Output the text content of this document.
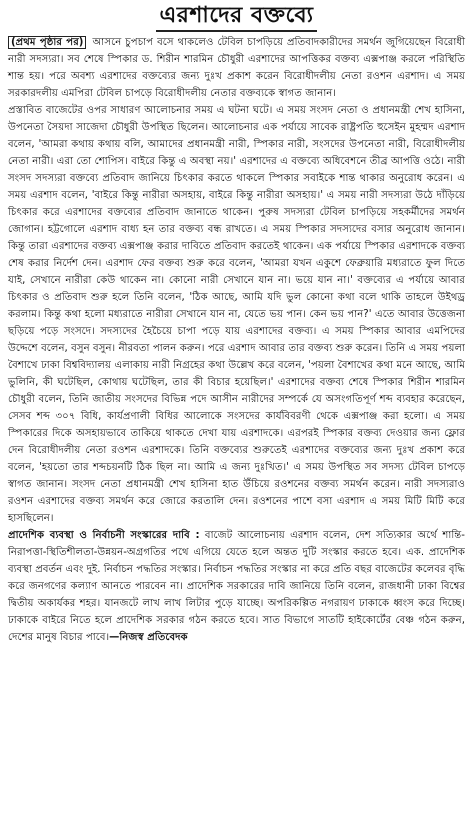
এরশাদের বক্তব্যে

(প্রথম পৃষ্ঠার পর) আসনে চুপচাপ বসে থাকলেও টেবিল চাপড়িয়ে প্রতিবাদকারীদের সমর্থন জুগিয়েছেন বিরোধী নারী সদস্যরা। সব শেষে স্পিকার ড. শিরীন শারমিন চৌধুরী এরশাদের আপত্তিকর বক্তব্য এক্সপাঞ্জ করলে পরিস্থিতি শান্ত হয়। পরে অবশ্য এরশাদের বক্তব্যের জন্য দুঃখ প্রকাশ করেন বিরোধীদলীয় নেতা রওশন এরশাদ। এ সময় সরকারদলীয় এমপিরা টেবিল চাপড়ে বিরোধীদলীয় নেতার বক্তব্যকে স্বাগত জানান।

প্রস্তাবিত বাজেটের ওপর সাধারণ আলোচনার সময় এ ঘটনা ঘটে। এ সময় সংসদ নেতা ও প্রধানমন্ত্রী শেখ হাসিনা, উপনেতা সৈয়দা সাজেদা চৌধুরী উপস্থিত ছিলেন। আলোচনার এক পর্যায়ে সাবেক রাষ্ট্রপতি হুসেইন মুহম্মদ এরশাদ বলেন, 'আমরা কথায় কথায় বলি, আমাদের প্রধানমন্ত্রী নারী, স্পিকার নারী, সংসদের উপনেতা নারী, বিরোধীদলীয় নেতা নারী। এরা তো শোপিস। বাইরে কিন্তু এ অবস্থা নয়।' এরশাদের এ বক্তব্যে অধিবেশনে তীব্র আপত্তি ওঠে। নারী সংসদ সদস্যরা বক্তব্যে প্রতিবাদ জানিয়ে চিৎকার করতে থাকলে স্পিকার সবাইকে শান্ত থাকার অনুরোধ করেন। এ সময় এরশাদ বলেন, 'বাইরে কিন্তু নারীরা অসহায়, বাইরে কিন্তু নারীরা অসহায়।' এ সময় নারী সদস্যরা উঠে দাঁড়িয়ে চিৎকার করে এরশাদের বক্তব্যের প্রতিবাদ জানাতে থাকেন। পুরুষ সদস্যরা টেবিল চাপড়িয়ে সহকর্মীদের সমর্থন জোগান। হট্টগোলে এরশাদ বাধ্য হন তার বক্তব্য বন্ধ রাখতে। এ সময় স্পিকার সদস্যদের বসার অনুরোধ জানান। কিন্তু তারা এরশাদের বক্তব্য এক্সপাঞ্জ করার দাবিতে প্রতিবাদ করতেই থাকেন। এক পর্যায়ে স্পিকার এরশাদকে বক্তব্য শেষ করার নির্দেশ দেন। এরশাদ ফের বক্তব্য শুরু করে বলেন, 'আমরা যখন একুশে ফেব্রুয়ারি মধ্যরাতে ফুল দিতে যাই, সেখানে নারীরা কেউ থাকেন না। কোনো নারী সেখানে যান না। ভয়ে যান না।' বক্তব্যের এ পর্যায়ে আবার চিৎকার ও প্রতিবাদ শুরু হলে তিনি বলেন, 'ঠিক আছে, আমি যদি ভুল কোনো কথা বলে থাকি তাহলে উইথড্র করলাম। কিন্তু কথা হলো মধ্যরাতে নারীরা সেখানে যান না, যেতে ভয় পান। কেন ভয় পান?' এতে আবার উত্তেজনা ছড়িয়ে পড়ে সংসদে। সদস্যদের হৈচৈয়ে চাপা পড়ে যায় এরশাদের বক্তব্য। এ সময় স্পিকার আবার এমপিদের উদ্দেশে বলেন, বসুন বসুন। নীরবতা পালন করুন। পরে এরশাদ আবার তার বক্তব্য শুরু করেন। তিনি এ সময় পয়লা বৈশাখে ঢাকা বিশ্ববিদ্যালয় এলাকায় নারী নিগ্রহের কথা উল্লেখ করে বলেন, 'পয়লা বৈশাখের কথা মনে আছে, আমি ভুলিনি, কী ঘটেছিল, কোথায় ঘটেছিল, তার কী বিচার হয়েছিল।' এরশাদের বক্তব্য শেষে স্পিকার শিরীন শারমিন চৌধুরী বলেন, তিনি জাতীয় সংসদের বিভিন্ন পদে আসীন নারীদের সম্পর্কে যে অসংগতিপূর্ণ শব্দ ব্যবহার করেছেন, সেসব শব্দ ৩০৭ বিধি, কার্যপ্রণালী বিধির আলোকে সংসদের কার্যবিবরণী থেকে এক্সপাঞ্জ করা হলো। এ সময় স্পিকারের দিকে অসহায়ভাবে তাকিয়ে থাকতে দেখা যায় এরশাদকে। এরপরই স্পিকার বক্তব্য দেওয়ার জন্য ফ্লোর দেন বিরোধীদলীয় নেতা রওশন এরশাদকে। তিনি বক্তব্যের শুরুতেই এরশাদের বক্তব্যের জন্য দুঃখ প্রকাশ করে বলেন, 'হয়তো তার শব্দচয়নটি ঠিক ছিল না। আমি এ জন্য দুঃখিত।' এ সময় উপস্থিত সব সদস্য টেবিল চাপড়ে স্বাগত জানান। সংসদ নেতা প্রধানমন্ত্রী শেখ হাসিনা হাত উঁচিয়ে রওশনের বক্তব্য সমর্থন করেন। নারী সদস্যরাও রওশন এরশাদের বক্তব্য সমর্থন করে জোরে করতালি দেন। রওশনের পাশে বসা এরশাদ এ সময় মিটি মিটি করে হাসছিলেন।

প্রাদেশিক ব্যবস্থা ও নির্বাচনী সংস্কারের দাবি : বাজেট আলোচনায় এরশাদ বলেন, দেশ সত্যিকার অর্থে শান্তি-নিরাপত্তা-স্থিতিশীলতা-উন্নয়ন-অগ্রগতির পথে এগিয়ে যেতে হলে অন্তত দুটি সংস্কার করতে হবে। এক. প্রাদেশিক ব্যবস্থা প্রবর্তন এবং দুই. নির্বাচন পদ্ধতির সংস্কার। নির্বাচন পদ্ধতির সংস্কার না করে প্রতি বছর বাজেটের কলেবর বৃদ্ধি করে জনগণের কল্যাণ আনতে পারবেন না। প্রাদেশিক সরকারের দাবি জানিয়ে তিনি বলেন, রাজধানী ঢাকা বিশ্বের দ্বিতীয় অকার্যকর শহর। যানজটে লাখ লাখ লিটার পুড়ে যাচ্ছে। অপরিকল্পিত নগরায়ণ ঢাকাকে ধ্বংস করে দিচ্ছে। ঢাকাকে বাইরে নিতে হলে প্রাদেশিক সরকার গঠন করতে হবে। সাত বিভাগে সাতটি হাইকোর্টের বেঞ্চ গঠন করুন, দেশের মানুষ বিচার পাবে।—নিজস্ব প্রতিবেদক
